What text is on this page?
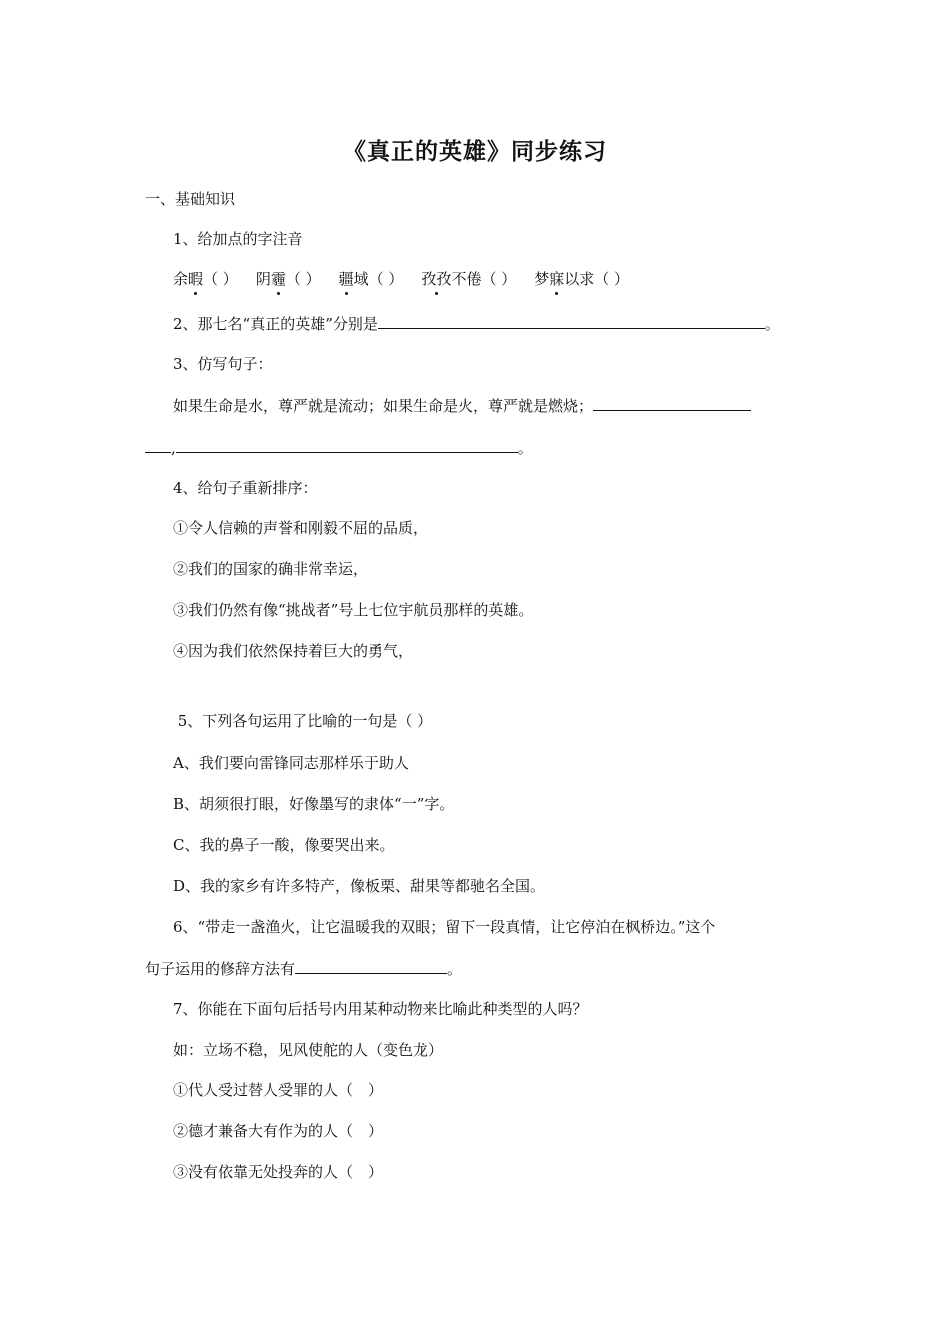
《真正的英雄》同步练习
一、基础知识
1、给加点的字注音
余暇（ ） 阴霾（ ） 疆域（ ） 孜孜不倦（ ） 梦寐以求（ ）
2、那七名“真正的英雄”分别是	。
3、仿写句子：
如果生命是水，尊严就是流动；如果生命是火，尊严就是燃烧；
,	。
4、给句子重新排序：
①令人信赖的声誉和刚毅不屈的品质，
②我们的国家的确非常幸运，
③我们仍然有像“挑战者”号上七位宇航员那样的英雄。
④因为我们依然保持着巨大的勇气，
5、下列各句运用了比喻的一句是（ ）
A、我们要向雷锋同志那样乐于助人
B、胡须很打眼，好像墨写的隶体“一”字。
C、我的鼻子一酸，像要哭出来。
D、我的家乡有许多特产，像板栗、甜果等都驰名全国。
6、“带走一盏渔火，让它温暖我的双眼；留下一段真情，让它停泊在枫桥边。”这个
句子运用的修辞方法有	。
7、你能在下面句后括号内用某种动物来比喻此种类型的人吗？
如：立场不稳，见风使舵的人（变色龙）
①代人受过替人受罪的人（　）
②德才兼备大有作为的人（　）
③没有依靠无处投奔的人（　）
